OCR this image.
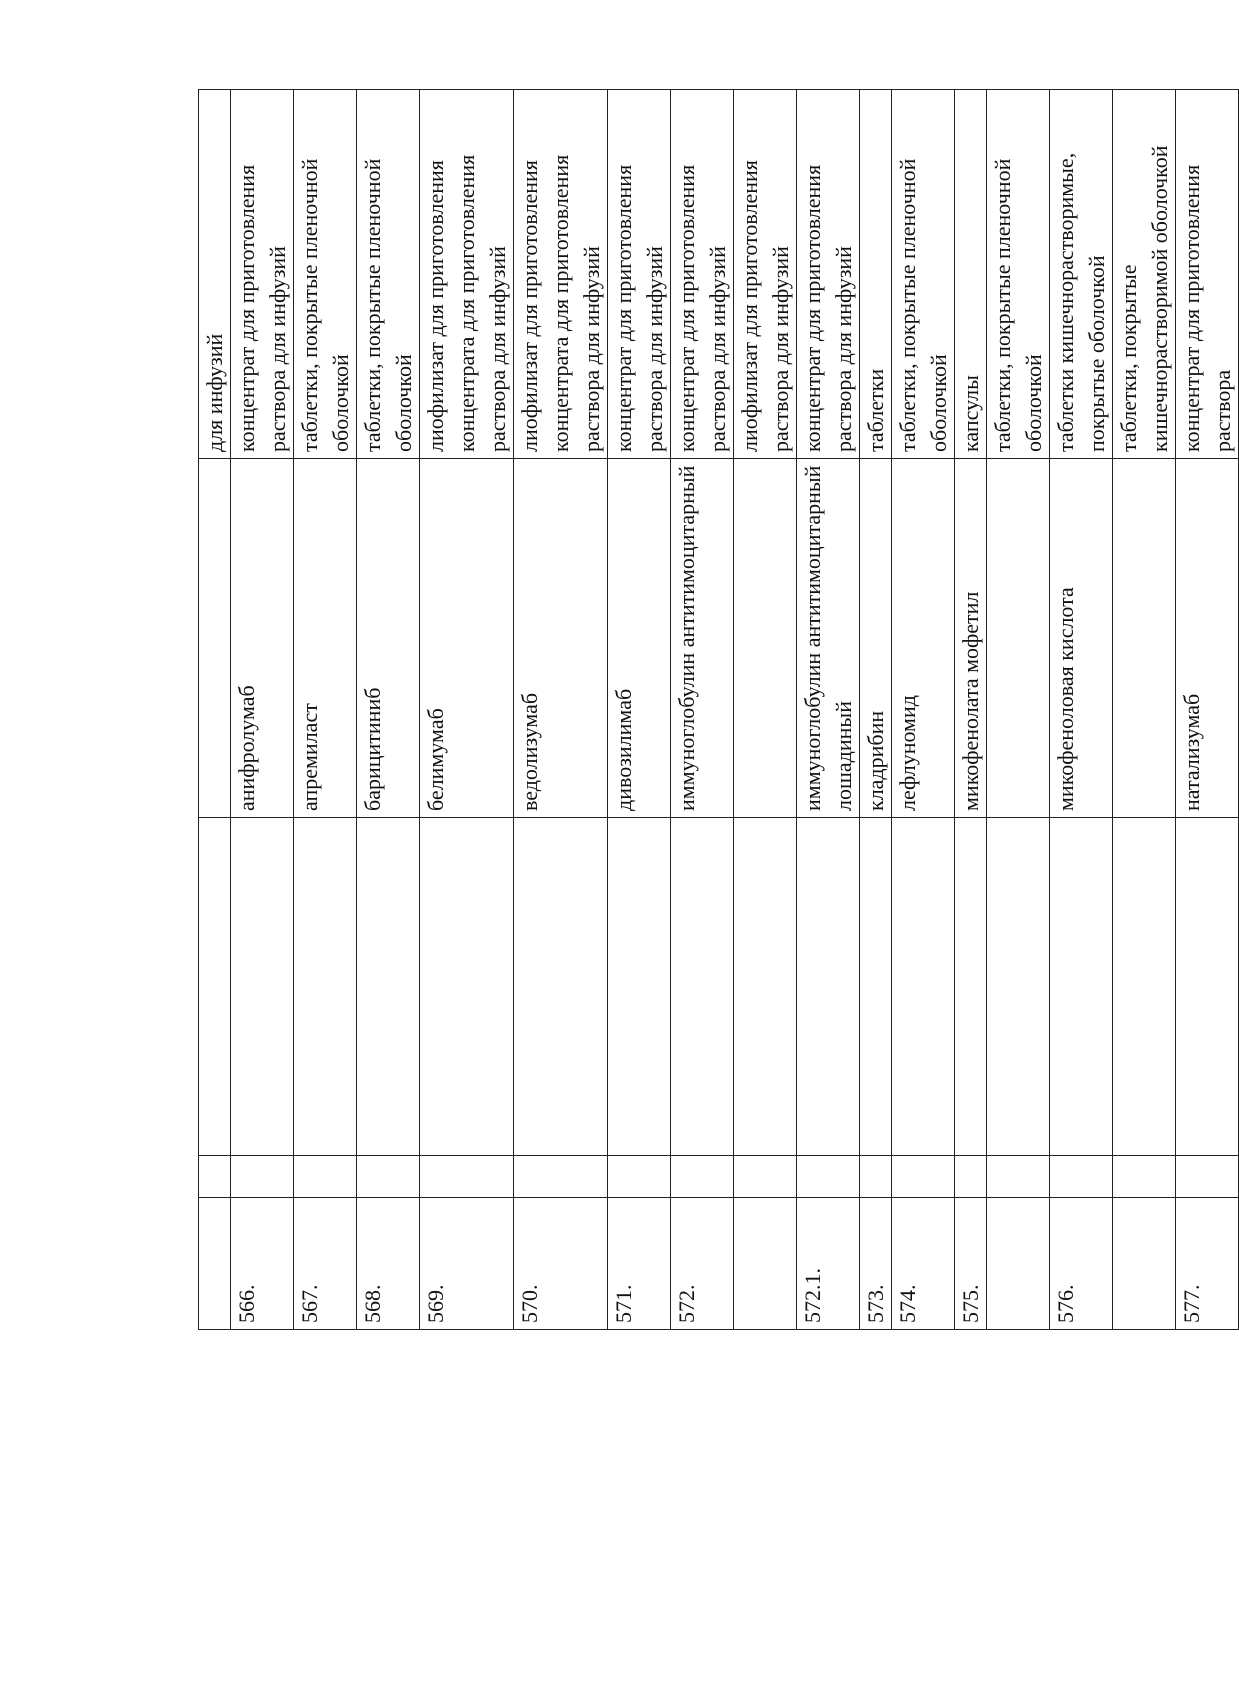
				для инфузий
566.			анифролумаб	концентрат для приготовления раствора для инфузий
567.			апремиласт	таблетки, покрытые пленочной оболочкой
568.			барицитиниб	таблетки, покрытые пленочной оболочкой
569.			белимумаб	лиофилизат для приготовления концентрата для приготовления раствора для инфузий
570.			ведолизумаб	лиофилизат для приготовления концентрата для приготовления раствора для инфузий
571.			дивозилимаб	концентрат для приготовления раствора для инфузий
572.			иммуноглобулин антитимоцитарный	концентрат для приготовления раствора для инфузий
				лиофилизат для приготовления раствора для инфузий
572.1.			иммуноглобулин антитимоцитарный лошадиный	концентрат для приготовления раствора для инфузий
573.			кладрибин	таблетки
574.			лефлуномид	таблетки, покрытые пленочной оболочкой
575.			микофенолата мофетил	капсулы
				таблетки, покрытые пленочной оболочкой
576.			микофеноловая кислота	таблетки кишечнорастворимые, покрытые оболочкой
				таблетки, покрытые кишечнорастворимой оболочкой
577.			натализумаб	концентрат для приготовления раствора
